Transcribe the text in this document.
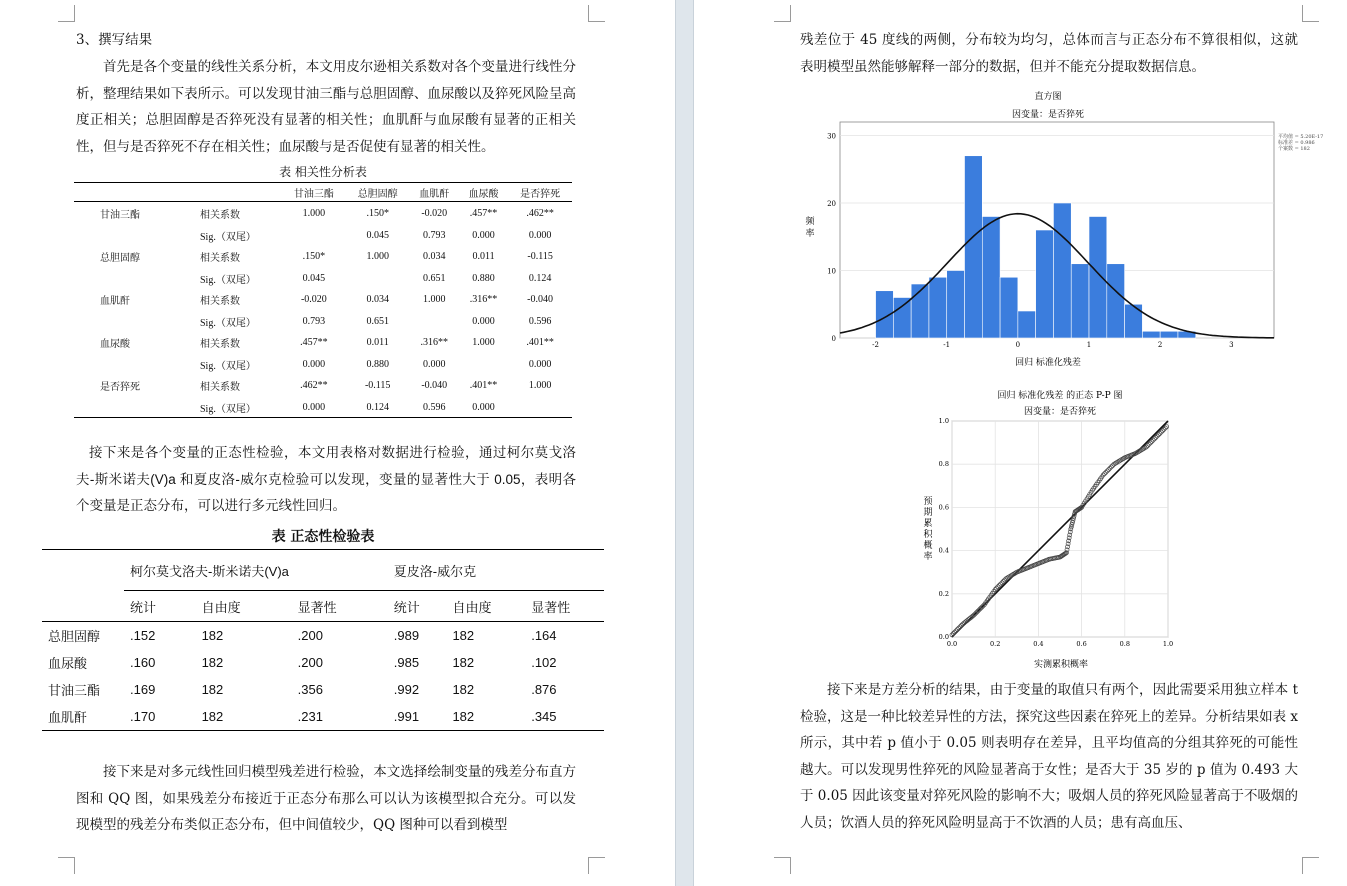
3、撰写结果
首先是各个变量的线性关系分析，本文用皮尔逊相关系数对各个变量进行线性分析，整理结果如下表所示。可以发现甘油三酯与总胆固醇、血尿酸以及猝死风险呈高度正相关；总胆固醇是否猝死没有显著的相关性；血肌酐与血尿酸有显著的正相关性，但与是否猝死不存在相关性；血尿酸与是否促使有显著的相关性。
表 相关性分析表
		甘油三酯	总胆固醇	血肌酐	血尿酸	是否猝死
甘油三酯	相关系数	1.000	.150*	-0.020	.457**	.462**
	Sig.（双尾）		0.045	0.793	0.000	0.000
总胆固醇	相关系数	.150*	1.000	0.034	0.011	-0.115
	Sig.（双尾）	0.045		0.651	0.880	0.124
血肌酐	相关系数	-0.020	0.034	1.000	.316**	-0.040
	Sig.（双尾）	0.793	0.651		0.000	0.596
血尿酸	相关系数	.457**	0.011	.316**	1.000	.401**
	Sig.（双尾）	0.000	0.880	0.000		0.000
是否猝死	相关系数	.462**	-0.115	-0.040	.401**	1.000
	Sig.（双尾）	0.000	0.124	0.596	0.000	
接下来是各个变量的正态性检验，本文用表格对数据进行检验，通过柯尔莫戈洛夫-斯米诺夫(V)a 和夏皮洛-威尔克检验可以发现，变量的显著性大于 0.05，表明各个变量是正态分布，可以进行多元线性回归。
表 正态性检验表
	柯尔莫戈洛夫-斯米诺夫(V)a			夏皮洛-威尔克		
	统计	自由度	显著性	统计	自由度	显著性
总胆固醇	.152	182	.200	.989	182	.164
血尿酸	.160	182	.200	.985	182	.102
甘油三酯	.169	182	.356	.992	182	.876
血肌酐	.170	182	.231	.991	182	.345
接下来是对多元线性回归模型残差进行检验，本文选择绘制变量的残差分布直方图和 QQ 图，如果残差分布接近于正态分布那么可以认为该模型拟合充分。可以发现模型的残差分布类似正态分布，但中间值较少，QQ 图种可以看到模型
残差位于 45 度线的两侧，分布较为均匀，总体而言与正态分布不算很相似，这就表明模型虽然能够解释一部分的数据，但并不能充分提取数据信息。
直方图
因变量：是否猝死
回归 标准化残差
频
率
平均值 = 5.20E-17
标准差 = 0.986
个案数 = 182
0
10
20
30
-2	-1	0	1	2	3
回归 标准化残差 的正态 P-P 图
因变量：是否猝死
实测累积概率
预
期
累
积
概
率
0.0	0.2	0.4	0.6	0.8	1.0
0.0
0.2
0.4
0.6
0.8
1.0
接下来是方差分析的结果，由于变量的取值只有两个，因此需要采用独立样本 t 检验，这是一种比较差异性的方法，探究这些因素在猝死上的差异。分析结果如表 x 所示，其中若 p 值小于 0.05 则表明存在差异，且平均值高的分组其猝死的可能性越大。可以发现男性猝死的风险显著高于女性；是否大于 35 岁的 p 值为 0.493 大于 0.05 因此该变量对猝死风险的影响不大；吸烟人员的猝死风险显著高于不吸烟的人员；饮酒人员的猝死风险明显高于不饮酒的人员；患有高血压、
